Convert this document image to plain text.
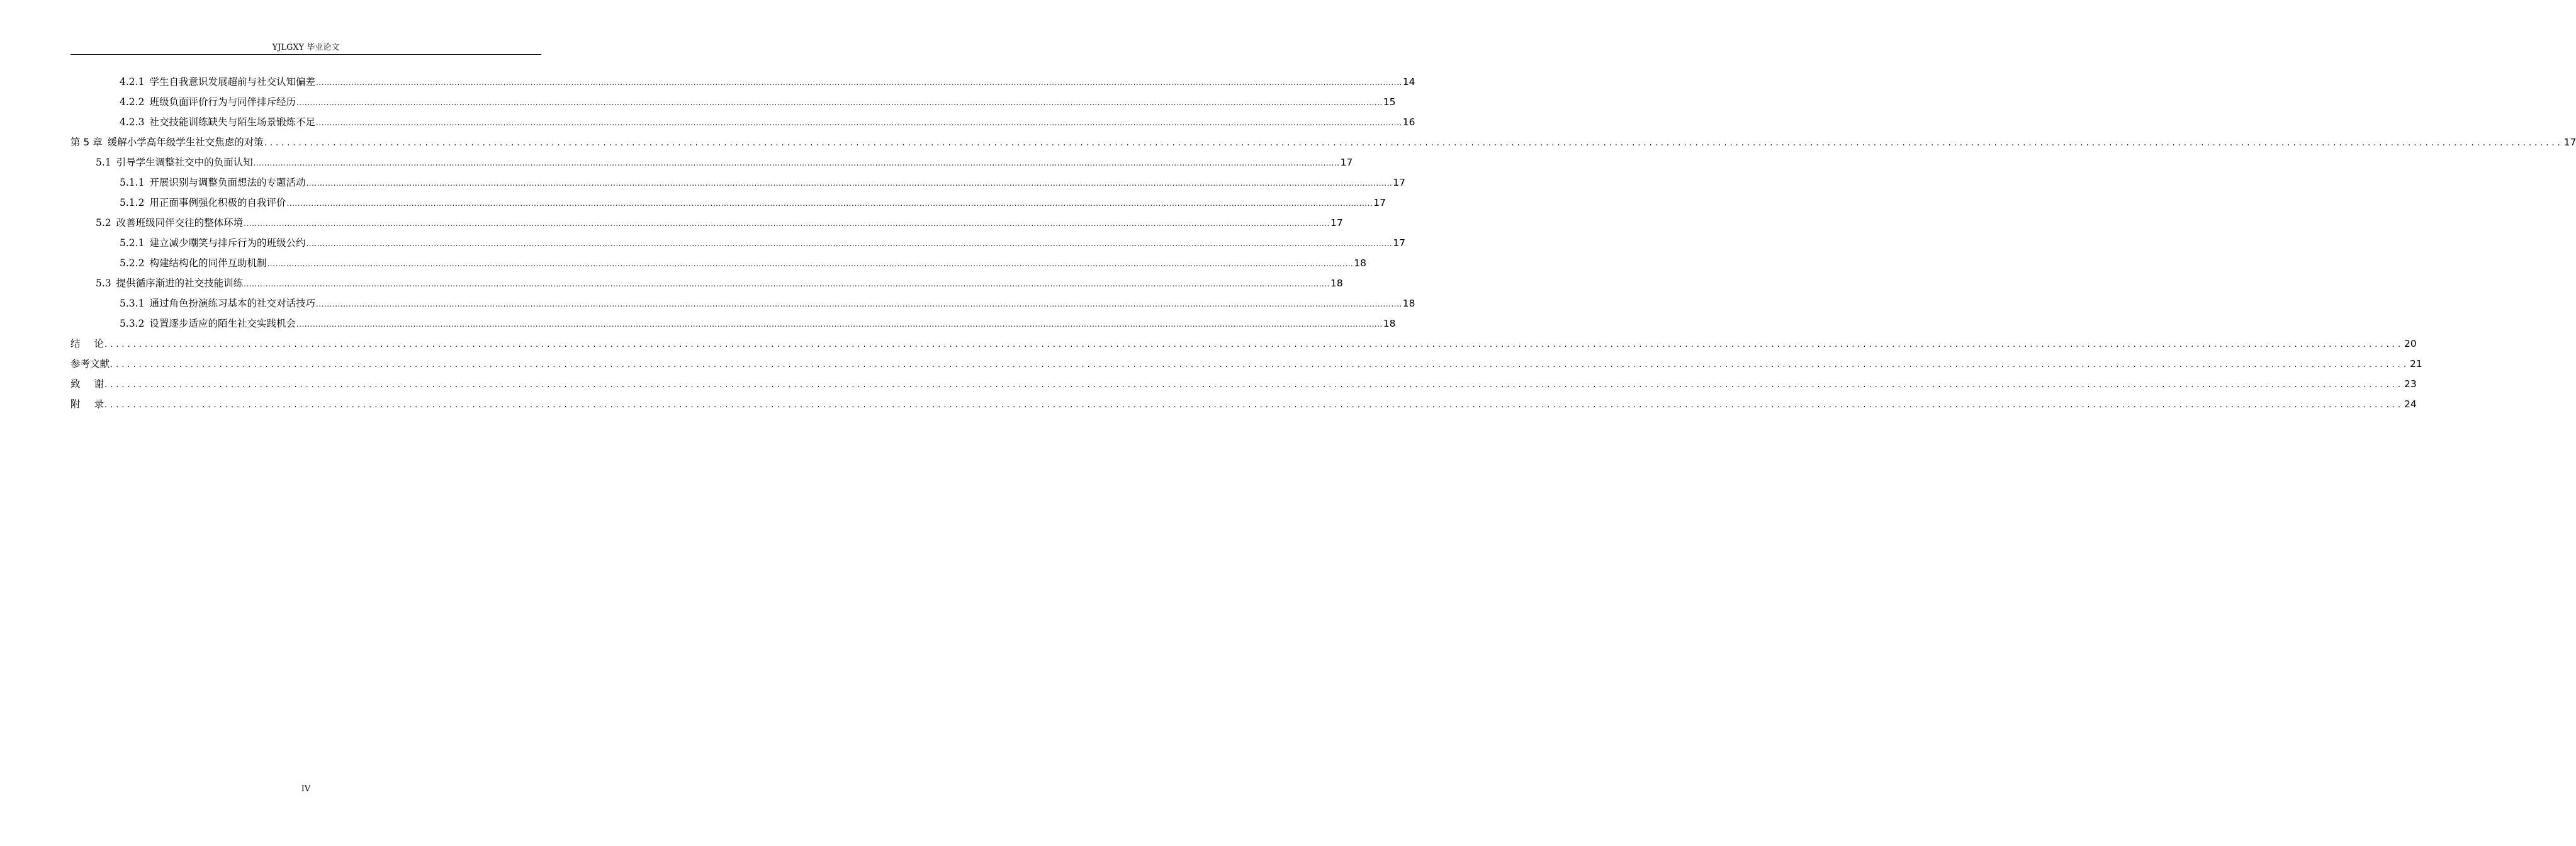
YJLGXY 毕业论文
4.2.1 学生自我意识发展超前与社交认知偏差 ................................................................................................................................................................................................................................................................................................................................................................................................................ 14
4.2.2 班级负面评价行为与同伴排斥经历 ................................................................................................................................................................................................................................................................................................................................................................................................................ 15
4.2.3 社交技能训练缺失与陌生场景锻炼不足 ................................................................................................................................................................................................................................................................................................................................................................................................................ 16
第 5 章 缓解小学高年级学生社交焦虑的对策 ................................................................................................................................................................................................................................................................................................................................................................................................................ 17
5.1 引导学生调整社交中的负面认知 ................................................................................................................................................................................................................................................................................................................................................................................................................ 17
5.1.1 开展识别与调整负面想法的专题活动 ................................................................................................................................................................................................................................................................................................................................................................................................................ 17
5.1.2 用正面事例强化积极的自我评价 ................................................................................................................................................................................................................................................................................................................................................................................................................ 17
5.2 改善班级同伴交往的整体环境 ................................................................................................................................................................................................................................................................................................................................................................................................................ 17
5.2.1 建立减少嘲笑与排斥行为的班级公约 ................................................................................................................................................................................................................................................................................................................................................................................................................ 17
5.2.2 构建结构化的同伴互助机制 ................................................................................................................................................................................................................................................................................................................................................................................................................ 18
5.3 提供循序渐进的社交技能训练 ................................................................................................................................................................................................................................................................................................................................................................................................................ 18
5.3.1 通过角色扮演练习基本的社交对话技巧 ................................................................................................................................................................................................................................................................................................................................................................................................................ 18
5.3.2 设置逐步适应的陌生社交实践机会 ................................................................................................................................................................................................................................................................................................................................................................................................................ 18
结论 ................................................................................................................................................................................................................................................................................................................................................................................................................ 20
参考文献 ................................................................................................................................................................................................................................................................................................................................................................................................................ 21
致谢 ................................................................................................................................................................................................................................................................................................................................................................................................................ 23
附录 ................................................................................................................................................................................................................................................................................................................................................................................................................ 24
IV
